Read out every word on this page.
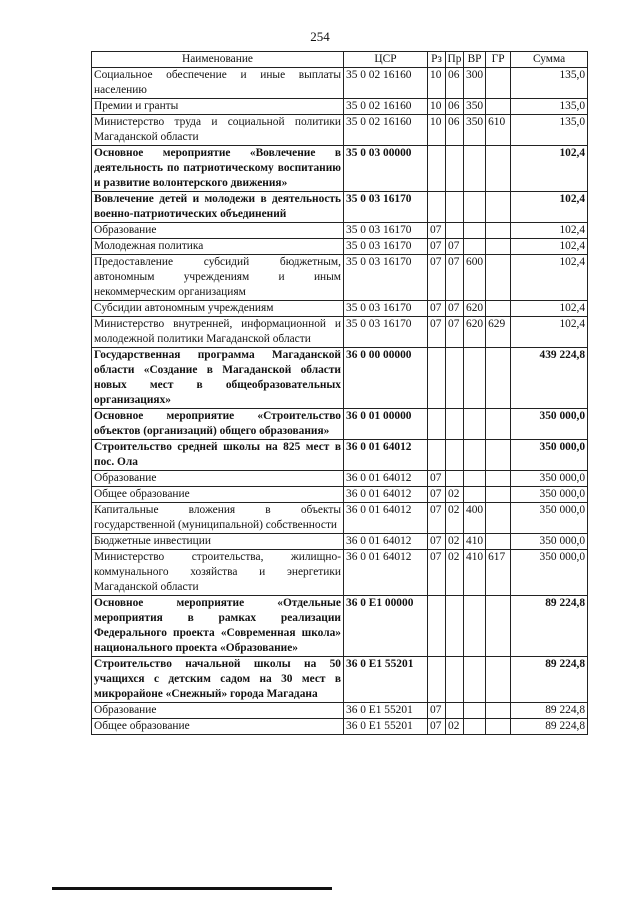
254
Наименование	ЦСР	Рз	Пр	ВР	ГР	Сумма
Социальное обеспечение и иные выплаты населению	35 0 02 16160	10	06	300		135,0
Премии и гранты	35 0 02 16160	10	06	350		135,0
Министерство труда и социальной политики Магаданской области	35 0 02 16160	10	06	350	610	135,0
Основное мероприятие «Вовлечение в деятельность по патриотическому воспитанию и развитие волонтерского движения»	35 0 03 00000					102,4
Вовлечение детей и молодежи в деятельность военно-патриотических объединений	35 0 03 16170					102,4
Образование	35 0 03 16170	07				102,4
Молодежная политика	35 0 03 16170	07	07			102,4
Предоставление субсидий бюджетным, автономным учреждениям и иным некоммерческим организациям	35 0 03 16170	07	07	600		102,4
Субсидии автономным учреждениям	35 0 03 16170	07	07	620		102,4
Министерство внутренней, информационной и молодежной политики Магаданской области	35 0 03 16170	07	07	620	629	102,4
Государственная программа Магаданской области «Создание в Магаданской области новых мест в общеобразовательных организациях»	36 0 00 00000					439 224,8
Основное мероприятие «Строительство объектов (организаций) общего образования»	36 0 01 00000					350 000,0
Строительство средней школы на 825 мест в пос. Ола	36 0 01 64012					350 000,0
Образование	36 0 01 64012	07				350 000,0
Общее образование	36 0 01 64012	07	02			350 000,0
Капитальные вложения в объекты государственной (муниципальной) собственности	36 0 01 64012	07	02	400		350 000,0
Бюджетные инвестиции	36 0 01 64012	07	02	410		350 000,0
Министерство строительства, жилищно-коммунального хозяйства и энергетики Магаданской области	36 0 01 64012	07	02	410	617	350 000,0
Основное мероприятие «Отдельные мероприятия в рамках реализации Федерального проекта «Современная школа» национального проекта «Образование»	36 0 E1 00000					89 224,8
Строительство начальной школы на 50 учащихся с детским садом на 30 мест в микрорайоне «Снежный» города Магадана	36 0 E1 55201					89 224,8
Образование	36 0 E1 55201	07				89 224,8
Общее образование	36 0 E1 55201	07	02			89 224,8
